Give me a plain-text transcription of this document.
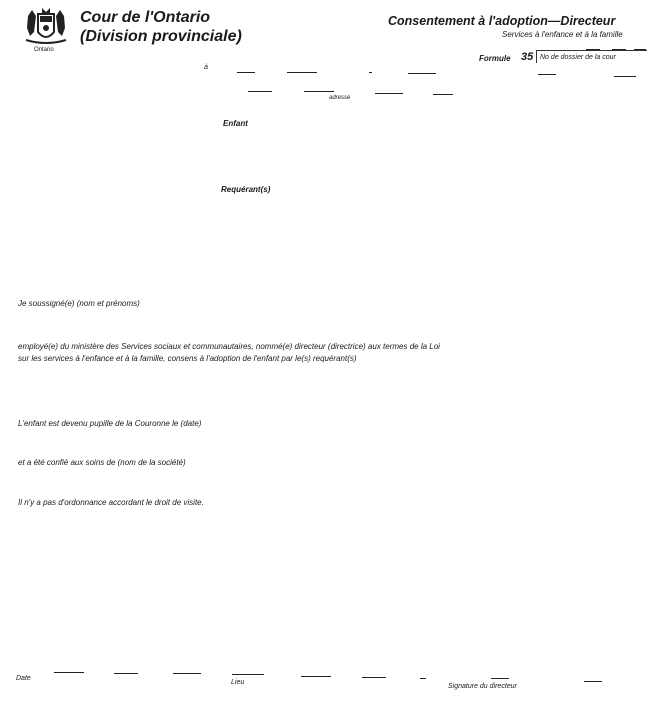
Ontario
Cour de l'Ontario
(Division provinciale)
Consentement à l'adoption—Directeur
Services à l'enfance et à la famille
Formule 35 No de dossier de la cour
à
adresse
Enfant
Requérant(s)
Je soussigné(e) (nom et prénoms)
employé(e) du ministère des Services sociaux et communautaires, nommé(e) directeur (directrice) aux termes de la Loi
sur les services à l'enfance et à la famille, consens à l'adoption de l'enfant par le(s) requérant(s)
L'enfant est devenu pupille de la Couronne le (date)
et a été confié aux soins de (nom de la société)
Il n'y a pas d'ordonnance accordant le droit de visite.
Date
Lieu
Signature du directeur
